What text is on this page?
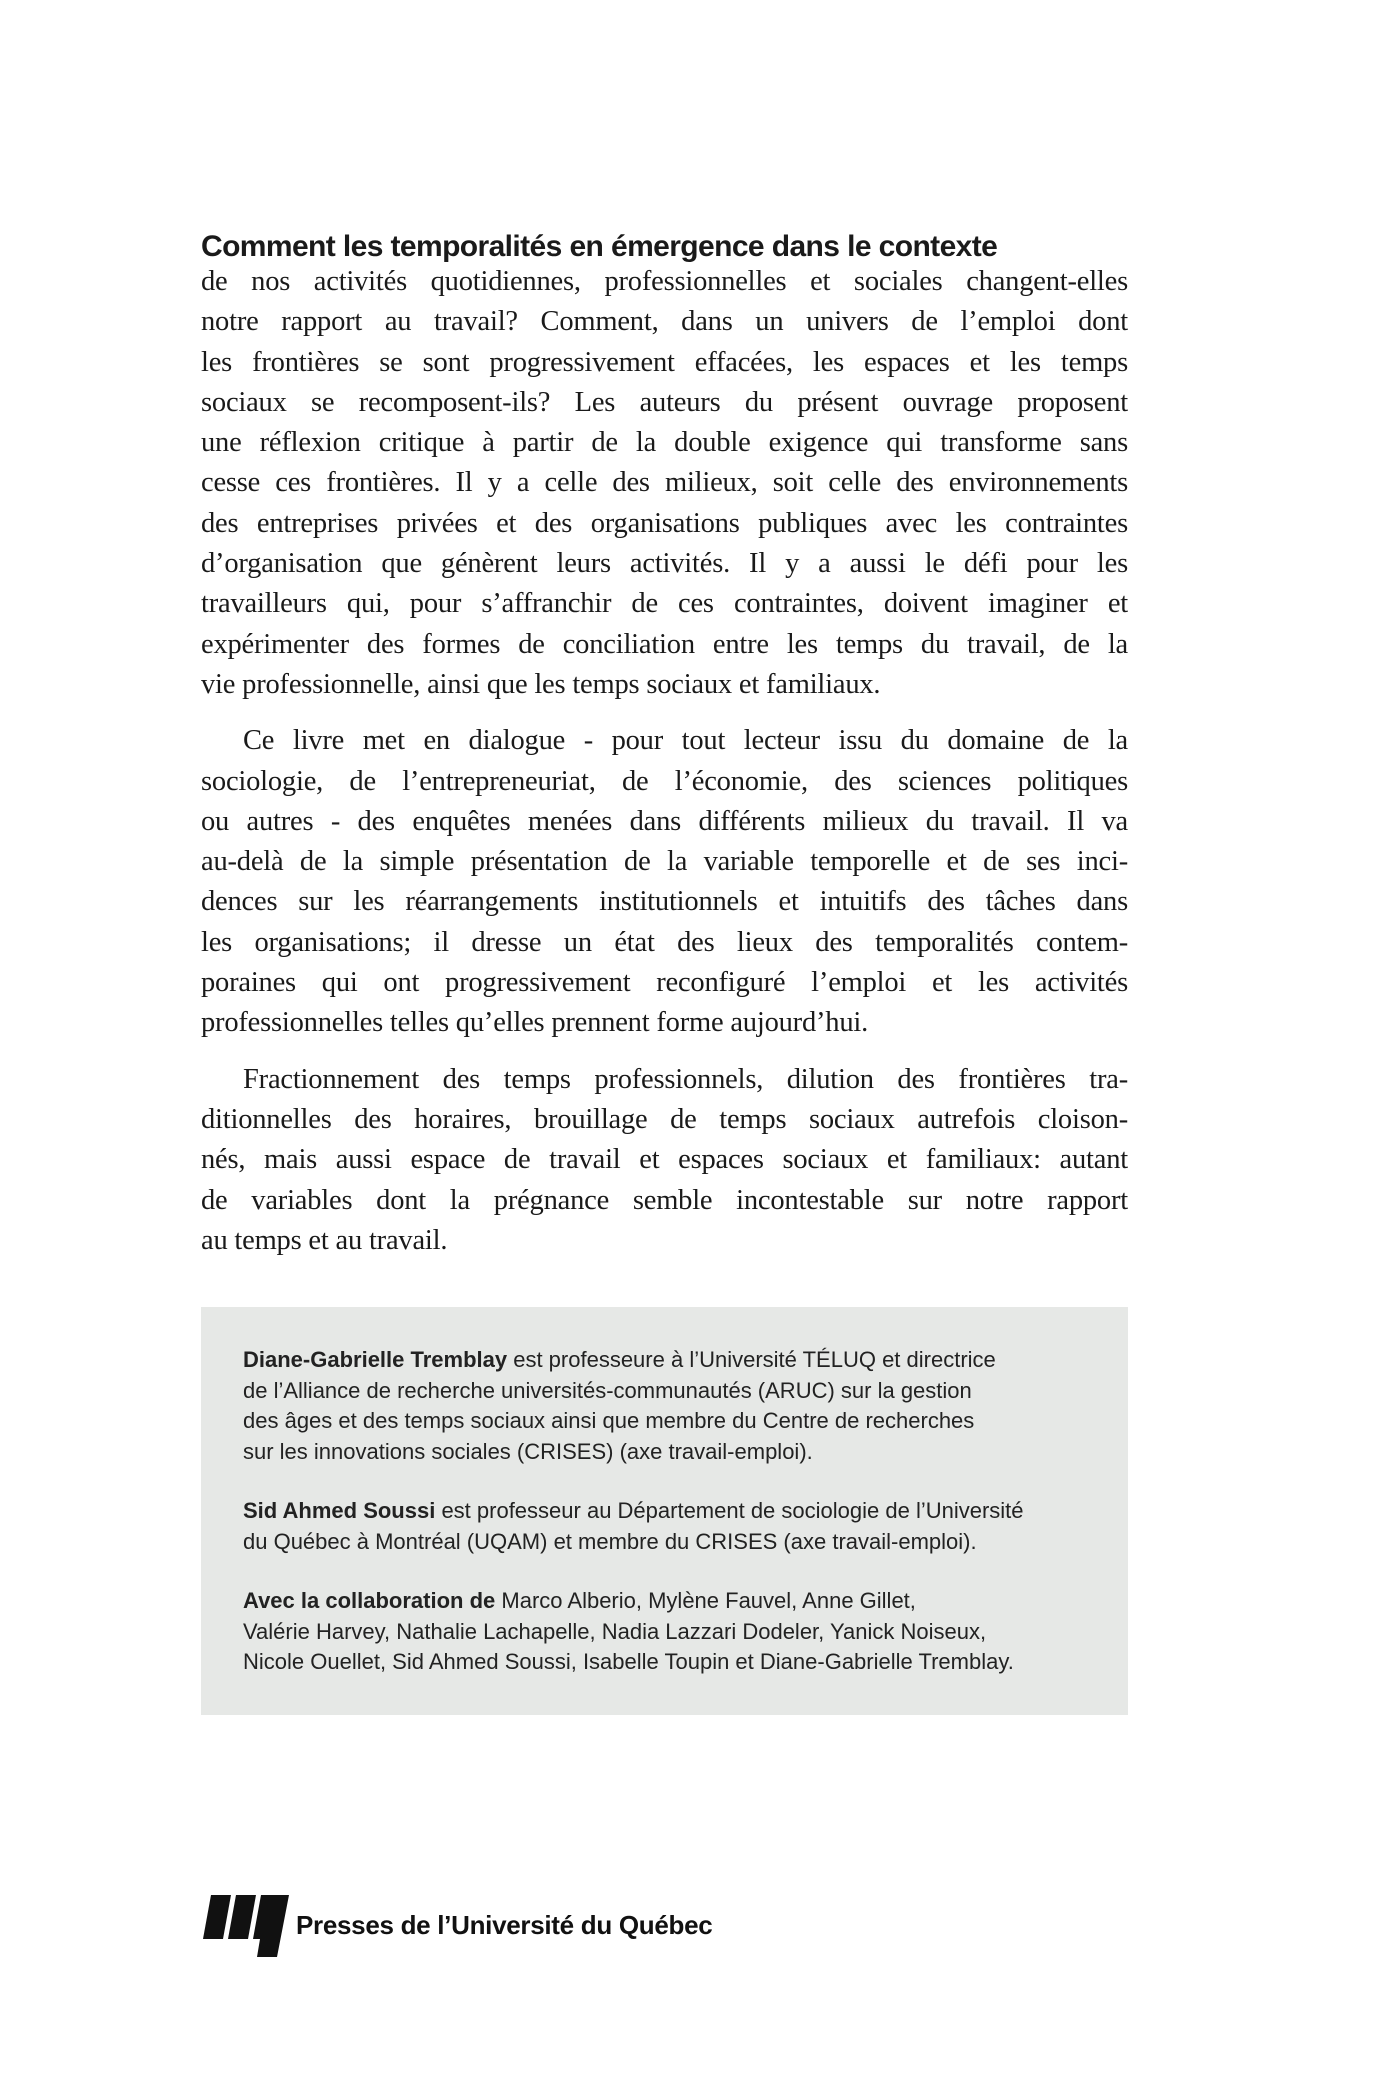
Comment les temporalités en émergence dans le contexte
de nos activités quotidiennes, professionnelles et sociales changent-elles
notre rapport au travail? Comment, dans un univers de l’emploi dont
les frontières se sont progressivement effacées, les espaces et les temps
sociaux se recomposent-ils? Les auteurs du présent ouvrage proposent
une réflexion critique à partir de la double exigence qui transforme sans
cesse ces frontières. Il y a celle des milieux, soit celle des environnements
des entreprises privées et des organisations publiques avec les contraintes
d’organisation que génèrent leurs activités. Il y a aussi le défi pour les
travailleurs qui, pour s’affranchir de ces contraintes, doivent imaginer et
expérimenter des formes de conciliation entre les temps du travail, de la
vie professionnelle, ainsi que les temps sociaux et familiaux.
Ce livre met en dialogue - pour tout lecteur issu du domaine de la
sociologie, de l’entrepreneuriat, de l’économie, des sciences politiques
ou autres - des enquêtes menées dans différents milieux du travail. Il va
au-delà de la simple présentation de la variable temporelle et de ses inci-
dences sur les réarrangements institutionnels et intuitifs des tâches dans
les organisations; il dresse un état des lieux des temporalités contem-
poraines qui ont progressivement reconfiguré l’emploi et les activités
professionnelles telles qu’elles prennent forme aujourd’hui.
Fractionnement des temps professionnels, dilution des frontières tra-
ditionnelles des horaires, brouillage de temps sociaux autrefois cloison-
nés, mais aussi espace de travail et espaces sociaux et familiaux: autant
de variables dont la prégnance semble incontestable sur notre rapport
au temps et au travail.
Diane-Gabrielle Tremblay est professeure à l’Université TÉLUQ et directrice
de l’Alliance de recherche universités-communautés (ARUC) sur la gestion
des âges et des temps sociaux ainsi que membre du Centre de recherches
sur les innovations sociales (CRISES) (axe travail-emploi).
Sid Ahmed Soussi est professeur au Département de sociologie de l’Université
du Québec à Montréal (UQAM) et membre du CRISES (axe travail-emploi).
Avec la collaboration de Marco Alberio, Mylène Fauvel, Anne Gillet,
Valérie Harvey, Nathalie Lachapelle, Nadia Lazzari Dodeler, Yanick Noiseux,
Nicole Ouellet, Sid Ahmed Soussi, Isabelle Toupin et Diane-Gabrielle Tremblay.
Presses de l’Université du Québec
